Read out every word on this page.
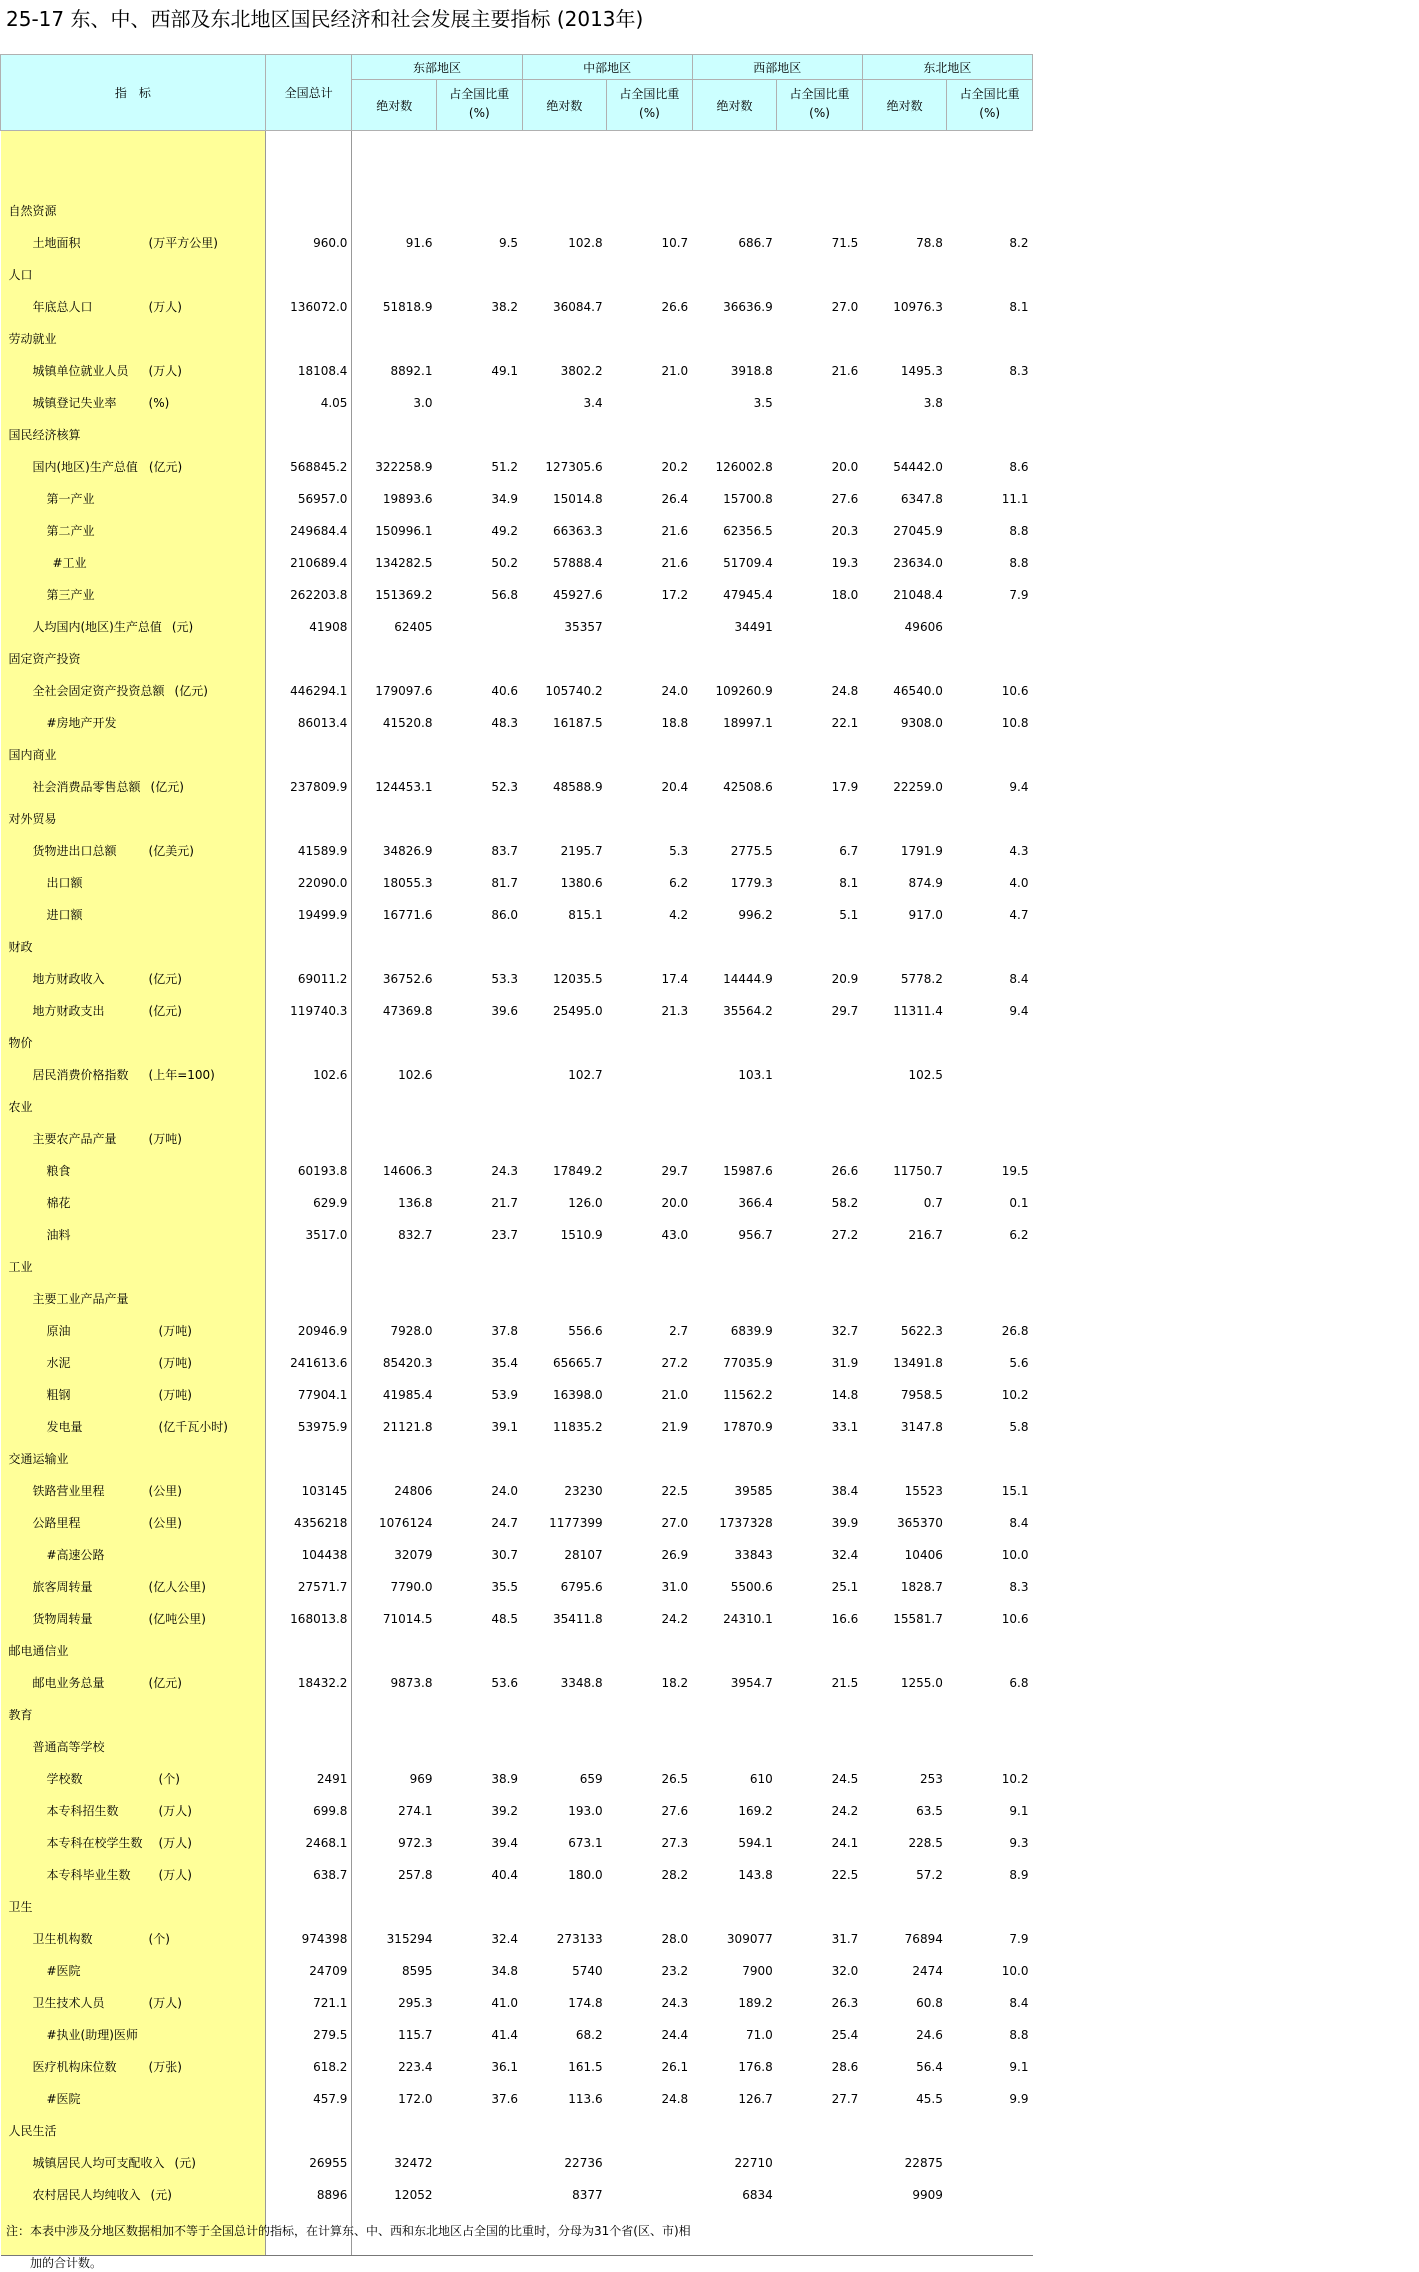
25-17 东、中、西部及东北地区国民经济和社会发展主要指标 (2013年)
指　标	全国总计	东部地区		中部地区		西部地区		东北地区	
		绝对数	占全国比重	绝对数	占全国比重	绝对数	占全国比重	绝对数	占全国比重
			(%)		(%)		(%)		(%)

自然资源									
土地面积 (万平方公里)	960.0	91.6	9.5	102.8	10.7	686.7	71.5	78.8	8.2
人口									
年底总人口 (万人)	136072.0	51818.9	38.2	36084.7	26.6	36636.9	27.0	10976.3	8.1
劳动就业									
城镇单位就业人员 (万人)	18108.4	8892.1	49.1	3802.2	21.0	3918.8	21.6	1495.3	8.3
城镇登记失业率 (%)	4.05	3.0		3.4		3.5		3.8	
国民经济核算									
国内(地区)生产总值 (亿元)	568845.2	322258.9	51.2	127305.6	20.2	126002.8	20.0	54442.0	8.6
第一产业	56957.0	19893.6	34.9	15014.8	26.4	15700.8	27.6	6347.8	11.1
第二产业	249684.4	150996.1	49.2	66363.3	21.6	62356.5	20.3	27045.9	8.8
#工业	210689.4	134282.5	50.2	57888.4	21.6	51709.4	19.3	23634.0	8.8
第三产业	262203.8	151369.2	56.8	45927.6	17.2	47945.4	18.0	21048.4	7.9
人均国内(地区)生产总值 (元)	41908	62405		35357		34491		49606	
固定资产投资									
全社会固定资产投资总额 (亿元)	446294.1	179097.6	40.6	105740.2	24.0	109260.9	24.8	46540.0	10.6
#房地产开发	86013.4	41520.8	48.3	16187.5	18.8	18997.1	22.1	9308.0	10.8
国内商业									
社会消费品零售总额 (亿元)	237809.9	124453.1	52.3	48588.9	20.4	42508.6	17.9	22259.0	9.4
对外贸易									
货物进出口总额 (亿美元)	41589.9	34826.9	83.7	2195.7	5.3	2775.5	6.7	1791.9	4.3
出口额	22090.0	18055.3	81.7	1380.6	6.2	1779.3	8.1	874.9	4.0
进口额	19499.9	16771.6	86.0	815.1	4.2	996.2	5.1	917.0	4.7
财政									
地方财政收入 (亿元)	69011.2	36752.6	53.3	12035.5	17.4	14444.9	20.9	5778.2	8.4
地方财政支出 (亿元)	119740.3	47369.8	39.6	25495.0	21.3	35564.2	29.7	11311.4	9.4
物价									
居民消费价格指数 (上年=100)	102.6	102.6		102.7		103.1		102.5	
农业									
主要农产品产量 (万吨)									
粮食	60193.8	14606.3	24.3	17849.2	29.7	15987.6	26.6	11750.7	19.5
棉花	629.9	136.8	21.7	126.0	20.0	366.4	58.2	0.7	0.1
油料	3517.0	832.7	23.7	1510.9	43.0	956.7	27.2	216.7	6.2
工业									
主要工业产品产量									
原油 (万吨)	20946.9	7928.0	37.8	556.6	2.7	6839.9	32.7	5622.3	26.8
水泥 (万吨)	241613.6	85420.3	35.4	65665.7	27.2	77035.9	31.9	13491.8	5.6
粗钢 (万吨)	77904.1	41985.4	53.9	16398.0	21.0	11562.2	14.8	7958.5	10.2
发电量 (亿千瓦小时)	53975.9	21121.8	39.1	11835.2	21.9	17870.9	33.1	3147.8	5.8
交通运输业									
铁路营业里程 (公里)	103145	24806	24.0	23230	22.5	39585	38.4	15523	15.1
公路里程 (公里)	4356218	1076124	24.7	1177399	27.0	1737328	39.9	365370	8.4
#高速公路	104438	32079	30.7	28107	26.9	33843	32.4	10406	10.0
旅客周转量 (亿人公里)	27571.7	7790.0	35.5	6795.6	31.0	5500.6	25.1	1828.7	8.3
货物周转量 (亿吨公里)	168013.8	71014.5	48.5	35411.8	24.2	24310.1	16.6	15581.7	10.6
邮电通信业									
邮电业务总量 (亿元)	18432.2	9873.8	53.6	3348.8	18.2	3954.7	21.5	1255.0	6.8
教育									
普通高等学校									
学校数 (个)	2491	969	38.9	659	26.5	610	24.5	253	10.2
本专科招生数 (万人)	699.8	274.1	39.2	193.0	27.6	169.2	24.2	63.5	9.1
本专科在校学生数 (万人)	2468.1	972.3	39.4	673.1	27.3	594.1	24.1	228.5	9.3
本专科毕业生数 (万人)	638.7	257.8	40.4	180.0	28.2	143.8	22.5	57.2	8.9
卫生									
卫生机构数 (个)	974398	315294	32.4	273133	28.0	309077	31.7	76894	7.9
#医院	24709	8595	34.8	5740	23.2	7900	32.0	2474	10.0
卫生技术人员 (万人)	721.1	295.3	41.0	174.8	24.3	189.2	26.3	60.8	8.4
#执业(助理)医师	279.5	115.7	41.4	68.2	24.4	71.0	25.4	24.6	8.8
医疗机构床位数 (万张)	618.2	223.4	36.1	161.5	26.1	176.8	28.6	56.4	9.1
#医院	457.9	172.0	37.6	113.6	24.8	126.7	27.7	45.5	9.9
人民生活									
城镇居民人均可支配收入 (元)	26955	32472		22736		22710		22875	
农村居民人均纯收入 (元)	8896	12052		8377		6834		9909	

注：本表中涉及分地区数据相加不等于全国总计的指标，在计算东、中、西和东北地区占全国的比重时，分母为31个省(区、市)相
加的合计数。
